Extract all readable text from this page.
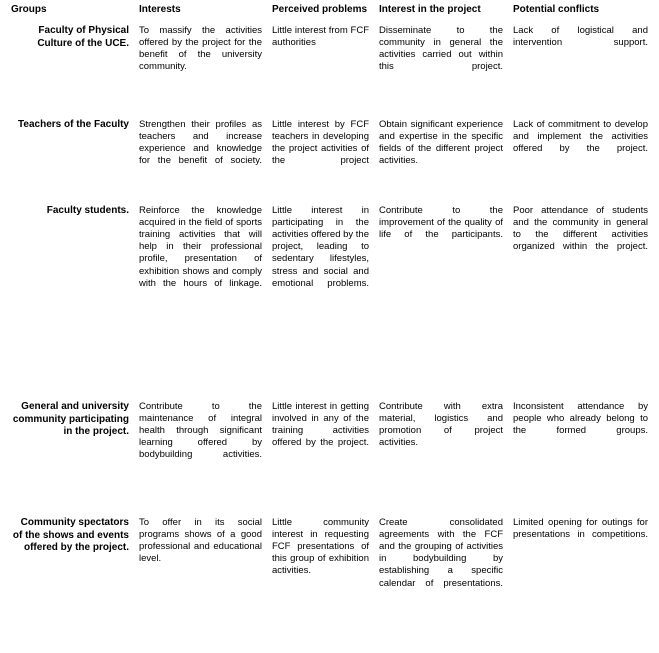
Groups	Interests	Perceived problems	Interest in the project	Potential conflicts
Faculty of Physical Culture of the UCE.	To massify the activities offered by the project for the benefit of the university community.	Little interest from FCF authorities	Disseminate to the community in general the activities carried out within this project.	Lack of logistical and intervention support.
Teachers of the Faculty	Strengthen their profiles as teachers and increase experience and knowledge for the benefit of society.	Little interest by FCF teachers in developing the project activities of the project	Obtain significant experience and expertise in the specific fields of the different project activities.	Lack of commitment to develop and implement the activities offered by the project.
Faculty students.	Reinforce the knowledge acquired in the field of sports training activities that will help in their professional profile, presentation of exhibition shows and comply with the hours of linkage.	Little interest in participating in the activities offered by the project, leading to sedentary lifestyles, stress and social and emotional problems.	Contribute to the improvement of the quality of life of the participants.	Poor attendance of students and the community in general to the different activities organized within the project.
General and university community participating in the project.	Contribute to the maintenance of integral health through significant learning offered by bodybuilding activities.	Little interest in getting involved in any of the training activities offered by the project.	Contribute with extra material, logistics and promotion of project activities.	Inconsistent attendance by people who already belong to the formed groups.
Community spectators of the shows and events offered by the project.	To offer in its social programs shows of a good professional and educational level.	Little community interest in requesting FCF presentations of this group of exhibition activities.	Create consolidated agreements with the FCF and the grouping of activities in bodybuilding by establishing a specific calendar of presentations.	Limited opening for outings for presentations in competitions.
